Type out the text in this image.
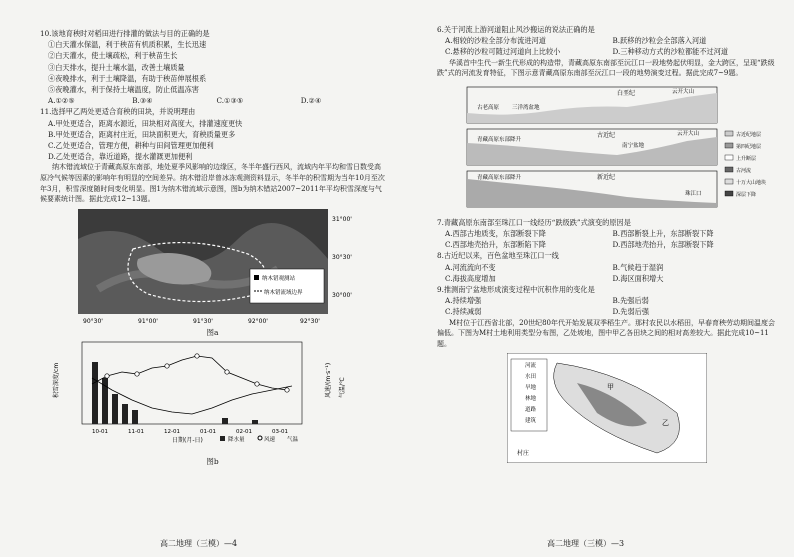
10.该地育秧时对稻田进行排灌的做法与目的正确的是

①白天灌水保温，利于秧苗有机质积累，生长迅速

②白天灌水，使土壤疏松，利于秧苗生长

③白天排水，提升土壤水温，改善土壤质量

④夜晚排水，利于土壤降温，有助于秧苗伸展根系

⑤夜晚灌水，利于保持土壤温度，防止低温冻害

A.①②⑤	B.③④	C.①③⑤	D.②④

11.选择甲乙两处更适合育秧的田块，并说明理由

A.甲处更适合，距离水源近，田块相对高度大，排灌速度更快

B.甲处更适合，距离村庄近，田块面积更大，育秧质量更多

C.乙处更适合，管理方便，耕种与田间管理更加便利

D.乙处更适合，靠近道路，提水灌溉更加便利

纳木错流域位于青藏高原东南部，地处夏季风影响的边缘区，冬半年盛行西风，流域内年平均和雪日数受高原冷气候等因素的影响年有明显的空间差异。纳木错沿岸曾冰冻观测资料显示，冬半年的积雪期为当年10月至次年3月，积雪深度随时间变化明显。图1为纳木错流域示意图，图b为纳木错站2007~2011年平均积雪深度与气候要素统计图。据此完成12~13题。

纳木错观测站
纳木错流域边界
31°00'
30°30'
30°00'
90°30'	91°00'	91°30'	92°00'	92°30'

图a

积雪深度/cm	风速/(m·s⁻¹) 气温/℃
日期(月-日)
10-01	11-01	12-01	01-01	02-01	03-01
降水量	风速 气温

图b

高二地理（三模）—4

6.关于河流上游河道阻止风沙搬运的说法正确的是

A.相较的沙粒全部分布流进河道	B.跃移的沙粒会全部落入河道
C.悬移的沙粒可随过河道向上比较小	D.三种移动方式的沙粒都能不过河道

华溪首中生代一新生代形成的构造带，青藏高原东南部至沅江口一段地势起伏明显，金大跨区，呈现“跌级跌”式的河流发育特征，下图示意青藏高原东南部至沅江口一段的地势演变过程。据此完成7~9题。

白垩纪
古老高原 三洋湾盆地
云开大山
古近纪
青藏高原东部降升
南宁盆地
云开大山
新近纪
青藏高原东部降升
珠江口
古近纪地层
第四纪地层
上升断层
古河流
十万大山地块
深层下降

7.青藏高原东南部至珠江口一线经历“跌级跌”式演变的原因是

A.西部古地质变，东部断裂下降	B.西部断裂上升，东部断裂下降
C.西部地壳抬升，东部断陷下降	D.西部地壳抬升，东部断裂下降

8.古近纪以来，百色盆地至珠江口一线

A.河流流向不变	B.气候趋于湿润
C.海拔高度增加	D.海区面积增大

9.推测南宁盆地形成演变过程中沉积作用的变化是

A.持续增强	B.先强后弱
C.持续减弱	D.先弱后强

M村位于江西省北部，20世纪80年代开始发展双季稻生产。那村农民以水稻田，早春育秧劳动期间温度会偏低。下图为M村土地利用类型分布图，乙处坡地，图中甲乙各田块之间的相对高差较大。据此完成10~11题。

河流
水田
旱地
林地
道路
建筑
甲
乙
村庄
高二地理（三模）—3
